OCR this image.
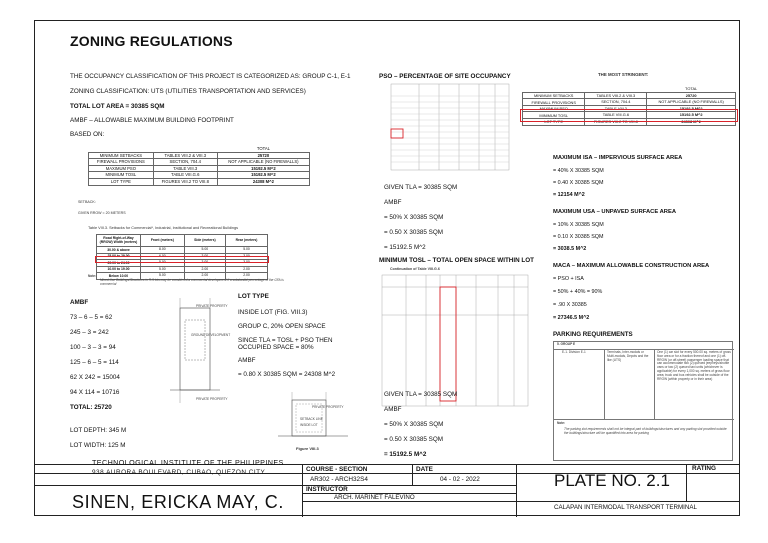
ZONING REGULATIONS
THE OCCUPANCY CLASSIFICATION OF THIS PROJECT IS CATEGORIZED AS: GROUP C-1, E-1
ZONING CLASSIFICATION: UTS (UTILITIES TRANSPORTATION AND SERVICES)
TOTAL LOT AREA = 30385 SQM
AMBF – ALLOWABLE MAXIMUM BUILDING FOOTPRINT
BASED ON:
		TOTAL
MINIMUM SETBACKS	TABLES VIII.2 & VIII.3	25720
FIREWALL PROVISIONS	SECTION, 704.4	NOT APPLICABLE (NO FIREWALLS)
MAXIMUM PSO	TABLE VIII.3	15192.5 M^2
MINIMUM TOSL	TABLE VIII.G.6	15192.5 M^2
LOT TYPE	FIGURES VIII.2 TO VIII.8	24308 M^2
SETBACK:
GIVEN RROW = 20 METERS
Table VIII.3. Setbacks for Commercial*, Industrial, Institutional and Recreational Buildings
Road Right-of-Way (RROW) Width (meters)	Front (meters)	Side (meters)	Rear (meters)
30.00 & above	8.00	5.00	5.00
25.00 to 29.00	6.00	3.00	3.00
20.00 to 24.00	5.00	3.00	3.00
10.00 to 19.00	5.00	2.00	2.00
Below 10.00	5.00	2.00	2.00
Note:
Mixed-Use Buildings/Structures in R-5 lots may be considered a commercial development if a substantial percentage of the GFA is commercial
AMBF
73 – 6 – 5 = 62
245 – 3 = 242
100 – 3 – 3 = 94
125 – 6 – 5 = 114
62 X 242 = 15004
94 X 114 = 10716
TOTAL: 25720
LOT DEPTH: 345 M
LOT WIDTH: 125 M
PRIVATE PROPERTY
GROUND DEVELOPMENT
PRIVATE PROPERTY
LOT TYPE
INSIDE LOT (FIG. VIII.3)
GROUP C, 20% OPEN SPACE
SINCE TLA = TOSL + PSO THEN
OCCUPIED SPACE = 80%
AMBF
= 0.80 X 30385 SQM = 24308 M^2
PRIVATE PROPERTY
SETBACK LINE
INSIDE LOT
Figure VIII.3
PSO – PERCENTAGE OF SITE OCCUPANCY
GIVEN TLA = 30385 SQM
AMBF
= 50% X 30385 SQM
= 0.50 X 30385 SQM
= 15192.5 M^2
MINIMUM TOSL – TOTAL OPEN SPACE WITHIN LOT
Continuation of Table VIII.G.6
GIVEN TLA = 30385 SQM
AMBF
= 50% X 30385 SQM
= 0.50 X 30385 SQM
= 15192.5 M^2
THE MOST STRINGENT:
		TOTAL
MINIMUM SETBACKS	TABLES VIII.2 & VIII.3	25720
FIREWALL PROVISIONS	SECTION, 704.4	NOT APPLICABLE (NO FIREWALLS)
MAXIMUM PSO	TABLE VIII.3	15192.5 M^2
MINIMUM TOSL	TABLE VIII.G.6	15192.5 M^2
LOT TYPE	FIGURES VIII.2 TO VIII.8	24308 M^2
MAXIMUM ISA – IMPERVIOUS SURFACE AREA
= 40% X 30385 SQM
= 0.40 X 30385 SQM
= 12154 M^2
MAXIMUM USA – UNPAVED SURFACE AREA
= 10% X 30385 SQM
= 0.10 X 30385 SQM
= 3038.5 M^2
MACA – MAXIMUM ALLOWABLE CONSTRUCTION AREA
= PSO + ISA
= 50% + 40% = 90%
= .90 X 30385
= 27346.5 M^2
PARKING REQUIREMENTS
5. GROUP E
E-1. Division E-1	Terminals, Inter-modals or Multi-modals, Depots and the like (UTS)
One (1) car slot for every 500.00 sq. meters of gross floor area or for a fraction thereof and one (1) off-RROW (or off-street) passenger loading space that can accommodate two (2) queued jeepneys/shuttle vans or two (2) queued taxi units (whichever is applicable) for every 1,000 sq. meters of gross floor area; truck and bus vehicles shall be outside of the RROW (within property or in their area)
Note:
The parking slot requirements shall not be integral part of buildings/structures and any parking slot provided outside the buildings/structure will be quantified into area for parking
TECHNOLOGICAL INSTITUTE OF THE PHILIPPINES
938 AURORA BOULEVARD, CUBAO, QUEZON CITY
SINEN, ERICKA MAY, C.
COURSE - SECTION
AR302 - ARCH32S4
DATE
04 - 02 - 2022
INSTRUCTOR
ARCH. MARINET FALEVINO
PLATE NO. 2.1
RATING
CALAPAN INTERMODAL TRANSPORT TERMINAL
